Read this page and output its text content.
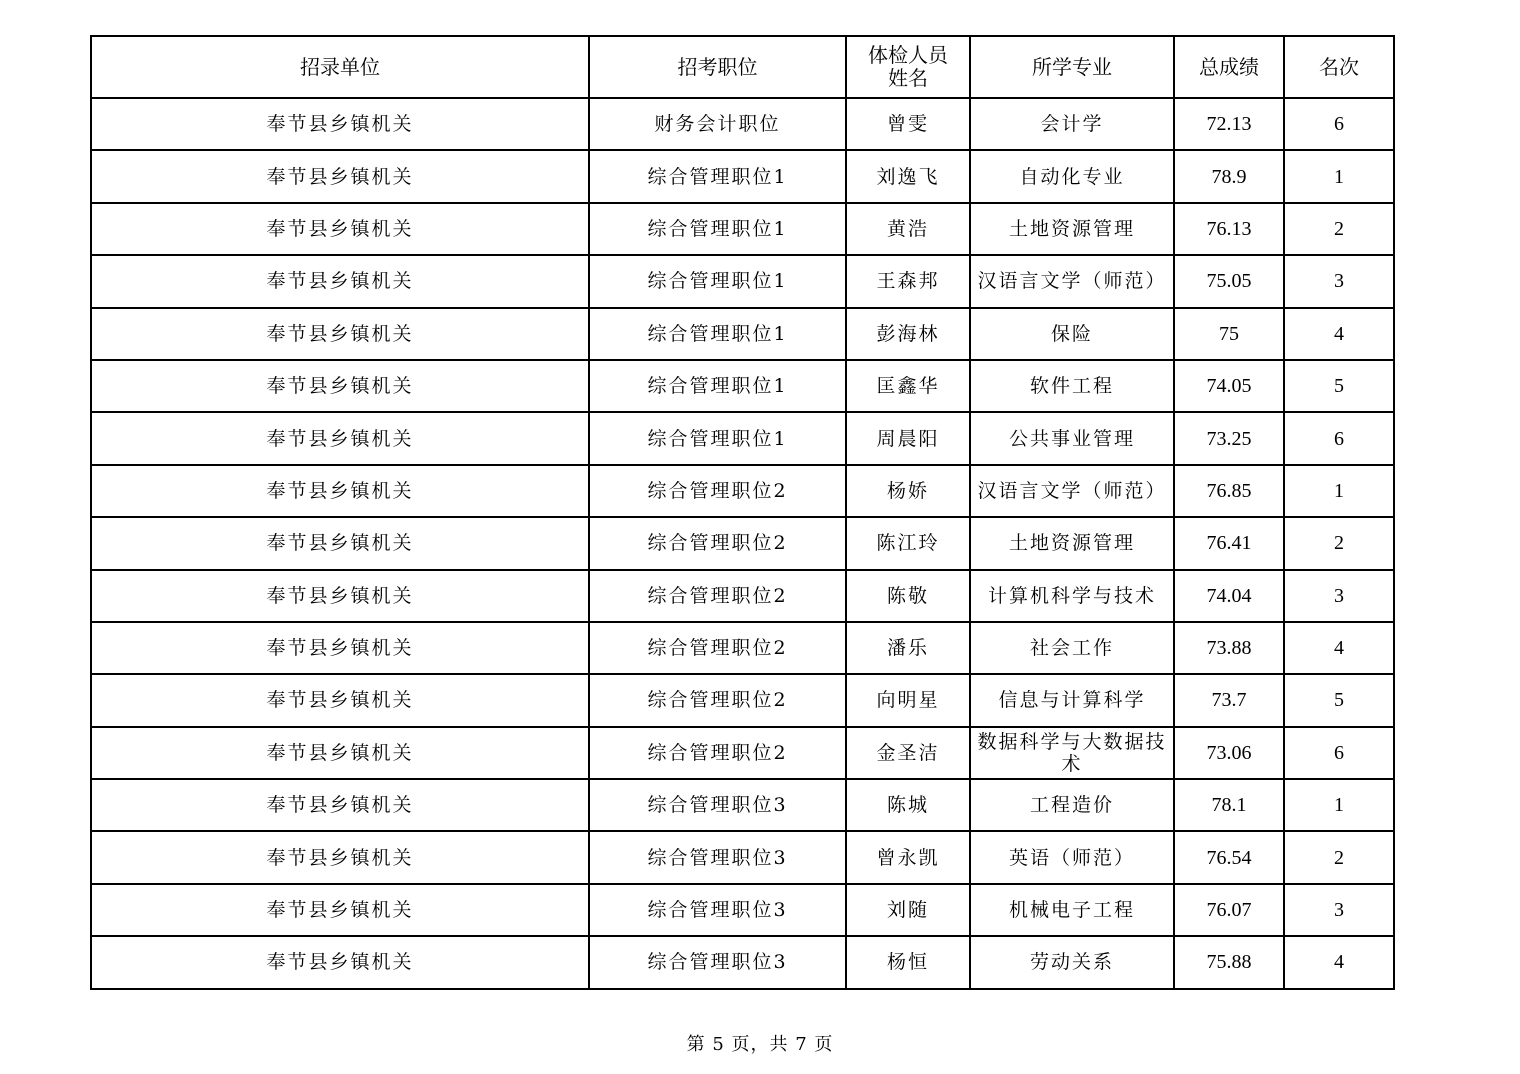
招录单位	招考职位	体检人员姓名	所学专业	总成绩	名次
奉节县乡镇机关	财务会计职位	曾雯	会计学	72.13	6
奉节县乡镇机关	综合管理职位1	刘逸飞	自动化专业	78.9	1
奉节县乡镇机关	综合管理职位1	黄浩	土地资源管理	76.13	2
奉节县乡镇机关	综合管理职位1	王森邦	汉语言文学（师范）	75.05	3
奉节县乡镇机关	综合管理职位1	彭海林	保险	75	4
奉节县乡镇机关	综合管理职位1	匡鑫华	软件工程	74.05	5
奉节县乡镇机关	综合管理职位1	周晨阳	公共事业管理	73.25	6
奉节县乡镇机关	综合管理职位2	杨娇	汉语言文学（师范）	76.85	1
奉节县乡镇机关	综合管理职位2	陈江玲	土地资源管理	76.41	2
奉节县乡镇机关	综合管理职位2	陈敬	计算机科学与技术	74.04	3
奉节县乡镇机关	综合管理职位2	潘乐	社会工作	73.88	4
奉节县乡镇机关	综合管理职位2	向明星	信息与计算科学	73.7	5
奉节县乡镇机关	综合管理职位2	金圣洁	数据科学与大数据技术	73.06	6
奉节县乡镇机关	综合管理职位3	陈城	工程造价	78.1	1
奉节县乡镇机关	综合管理职位3	曾永凯	英语（师范）	76.54	2
奉节县乡镇机关	综合管理职位3	刘随	机械电子工程	76.07	3
奉节县乡镇机关	综合管理职位3	杨恒	劳动关系	75.88	4
第 5 页，共 7 页
